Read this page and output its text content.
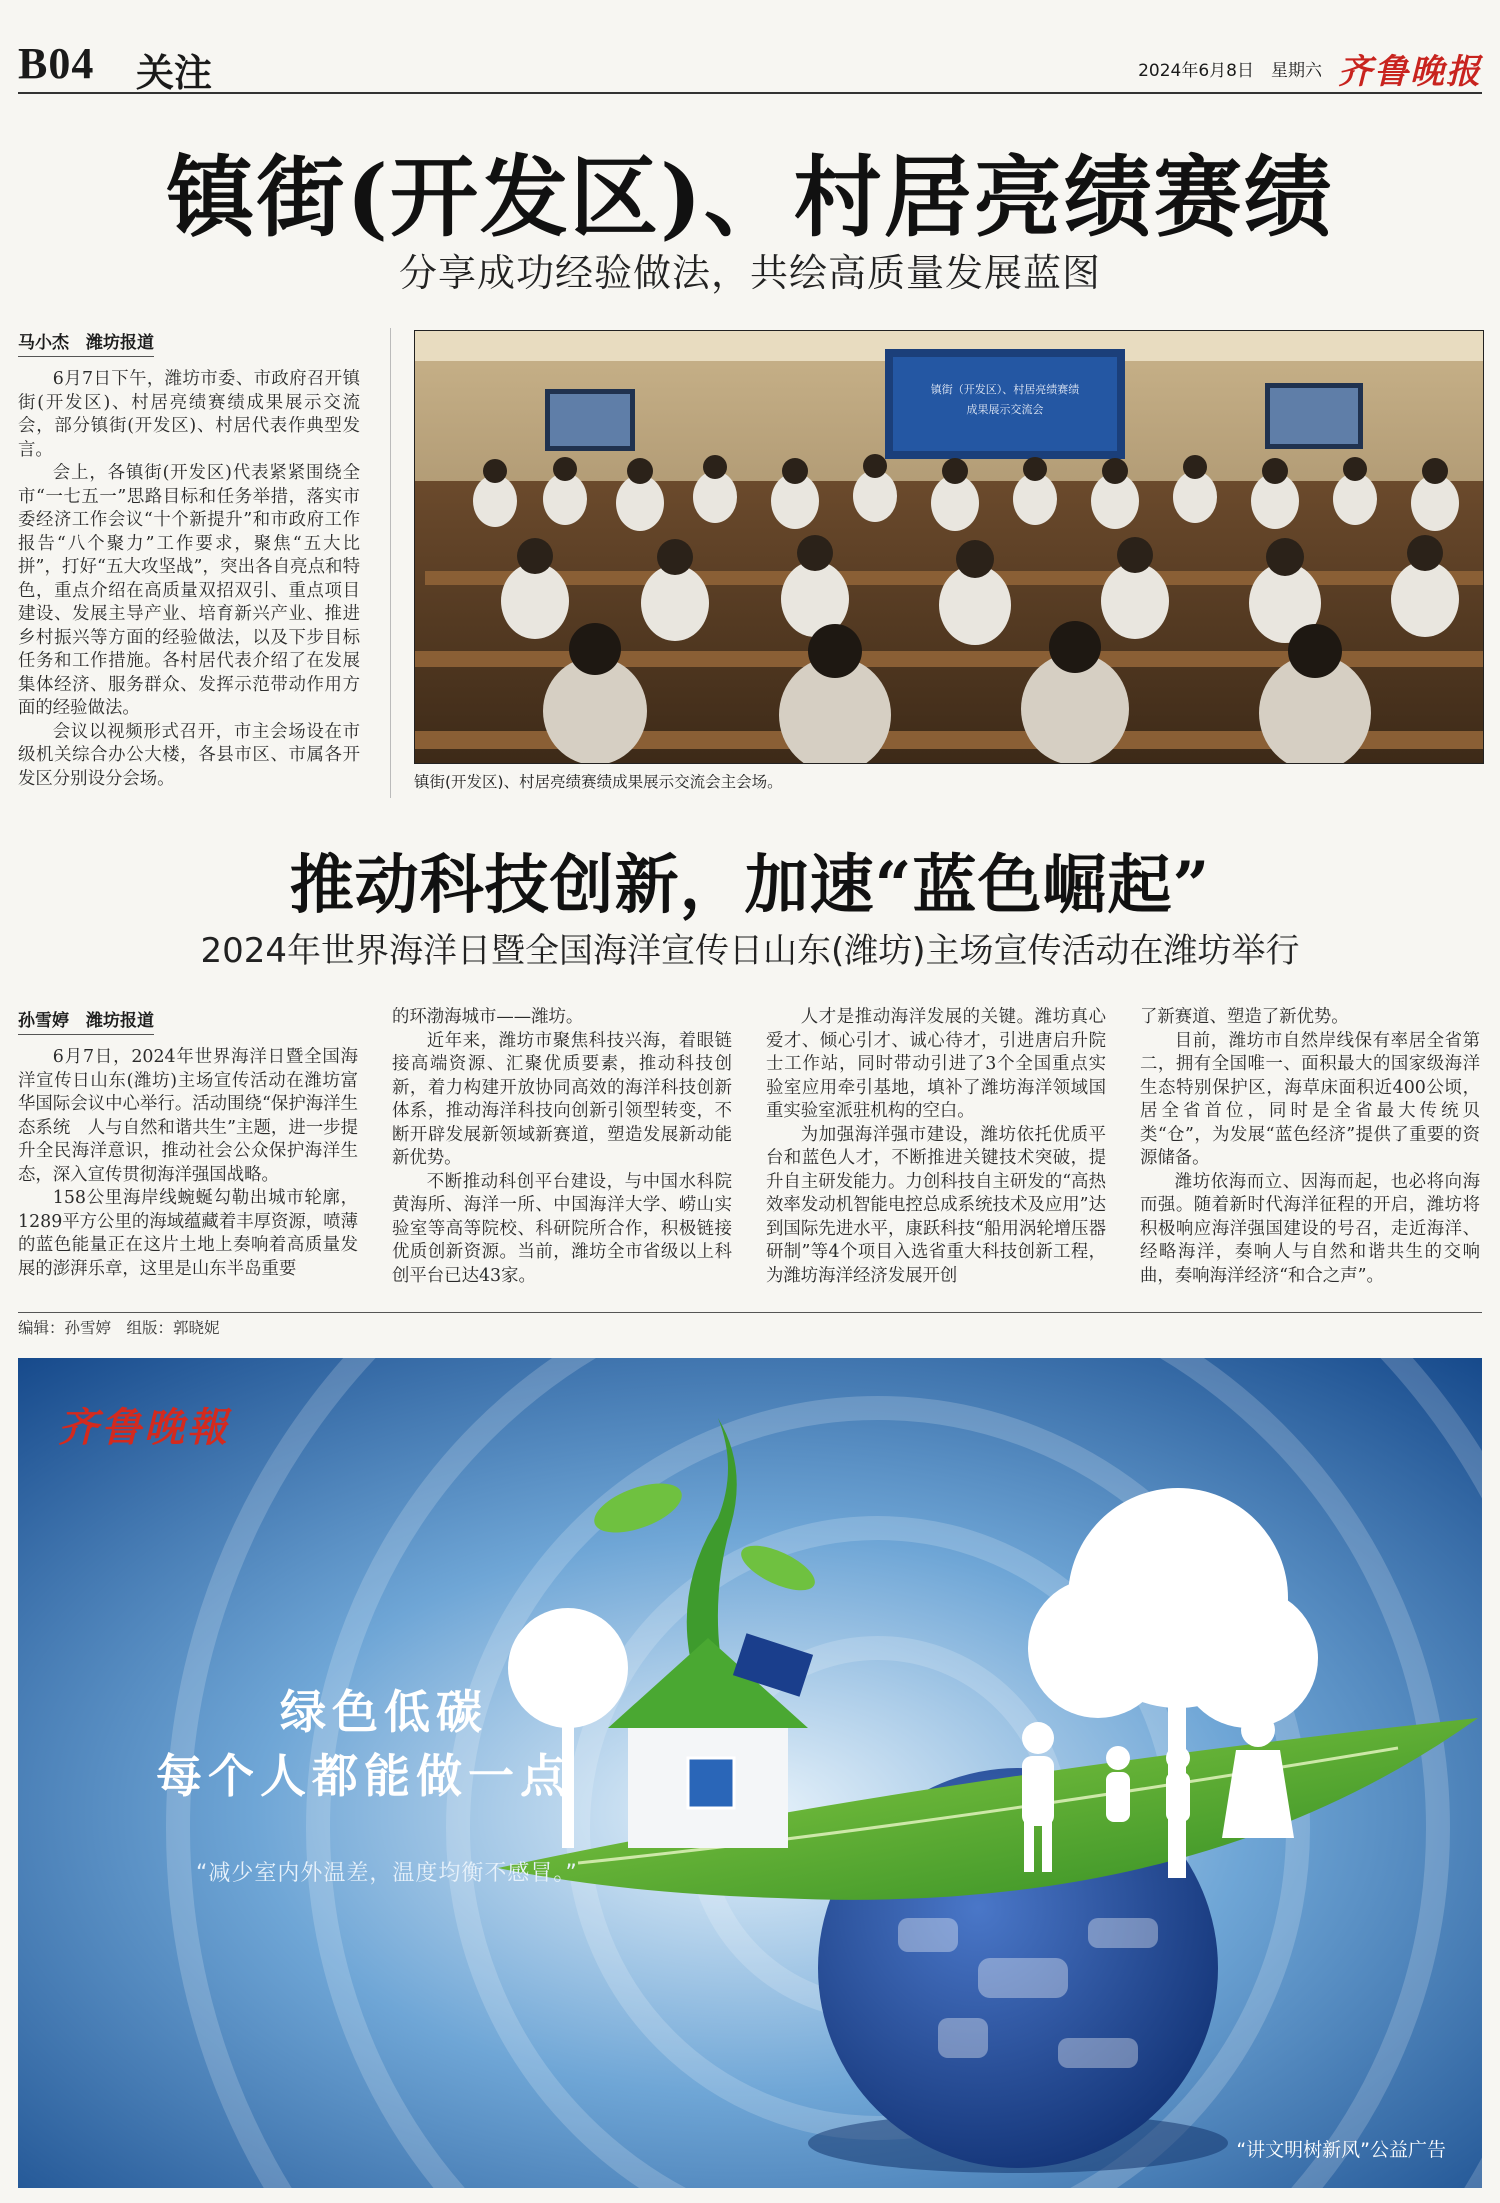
B04 关注	2024年6月8日 星期六 齐鲁晚报
镇街(开发区)、村居亮绩赛绩
分享成功经验做法，共绘高质量发展蓝图
马小杰　潍坊报道

6月7日下午，潍坊市委、市政府召开镇街(开发区)、村居亮绩赛绩成果展示交流会，部分镇街(开发区)、村居代表作典型发言。

会上，各镇街(开发区)代表紧紧围绕全市“一七五一”思路目标和任务举措，落实市委经济工作会议“十个新提升”和市政府工作报告“八个聚力”工作要求，聚焦“五大比拼”，打好“五大攻坚战”，突出各自亮点和特色，重点介绍在高质量双招双引、重点项目建设、发展主导产业、培育新兴产业、推进乡村振兴等方面的经验做法，以及下步目标任务和工作措施。各村居代表介绍了在发展集体经济、服务群众、发挥示范带动作用方面的经验做法。

会议以视频形式召开，市主会场设在市级机关综合办公大楼，各县市区、市属各开发区分别设分会场。

镇街（开发区）、村居亮绩赛绩
成果展示交流会
镇街(开发区)、村居亮绩赛绩成果展示交流会主会场。
推动科技创新，加速“蓝色崛起”
2024年世界海洋日暨全国海洋宣传日山东(潍坊)主场宣传活动在潍坊举行
孙雪婷　潍坊报道

6月7日，2024年世界海洋日暨全国海洋宣传日山东(潍坊)主场宣传活动在潍坊富华国际会议中心举行。活动围绕“保护海洋生态系统　人与自然和谐共生”主题，进一步提升全民海洋意识，推动社会公众保护海洋生态，深入宣传贯彻海洋强国战略。

158公里海岸线蜿蜒勾勒出城市轮廓，1289平方公里的海域蕴藏着丰厚资源，喷薄的蓝色能量正在这片土地上奏响着高质量发展的澎湃乐章，这里是山东半岛重要

的环渤海城市——潍坊。

近年来，潍坊市聚焦科技兴海，着眼链接高端资源、汇聚优质要素，推动科技创新，着力构建开放协同高效的海洋科技创新体系，推动海洋科技向创新引领型转变，不断开辟发展新领域新赛道，塑造发展新动能新优势。

不断推动科创平台建设，与中国水科院黄海所、海洋一所、中国海洋大学、崂山实验室等高等院校、科研院所合作，积极链接优质创新资源。当前，潍坊全市省级以上科创平台已达43家。

人才是推动海洋发展的关键。潍坊真心爱才、倾心引才、诚心待才，引进唐启升院士工作站，同时带动引进了3个全国重点实验室应用牵引基地，填补了潍坊海洋领域国重实验室派驻机构的空白。

为加强海洋强市建设，潍坊依托优质平台和蓝色人才，不断推进关键技术突破，提升自主研发能力。力创科技自主研发的“高热效率发动机智能电控总成系统技术及应用”达到国际先进水平，康跃科技“船用涡轮增压器研制”等4个项目入选省重大科技创新工程，为潍坊海洋经济发展开创

了新赛道、塑造了新优势。

目前，潍坊市自然岸线保有率居全省第二，拥有全国唯一、面积最大的国家级海洋生态特别保护区，海草床面积近400公顷，居全省首位，同时是全省最大传统贝类“仓”，为发展“蓝色经济”提供了重要的资源储备。

潍坊依海而立、因海而起，也必将向海而强。随着新时代海洋征程的开启，潍坊将积极响应海洋强国建设的号召，走近海洋、经略海洋，奏响人与自然和谐共生的交响曲，奏响海洋经济“和合之声”。

编辑：孙雪婷　组版：郭晓妮
齐鲁晚報
绿色低碳
每个人都能做一点
“减少室内外温差，温度均衡不感冒。”
“讲文明树新风”公益广告
